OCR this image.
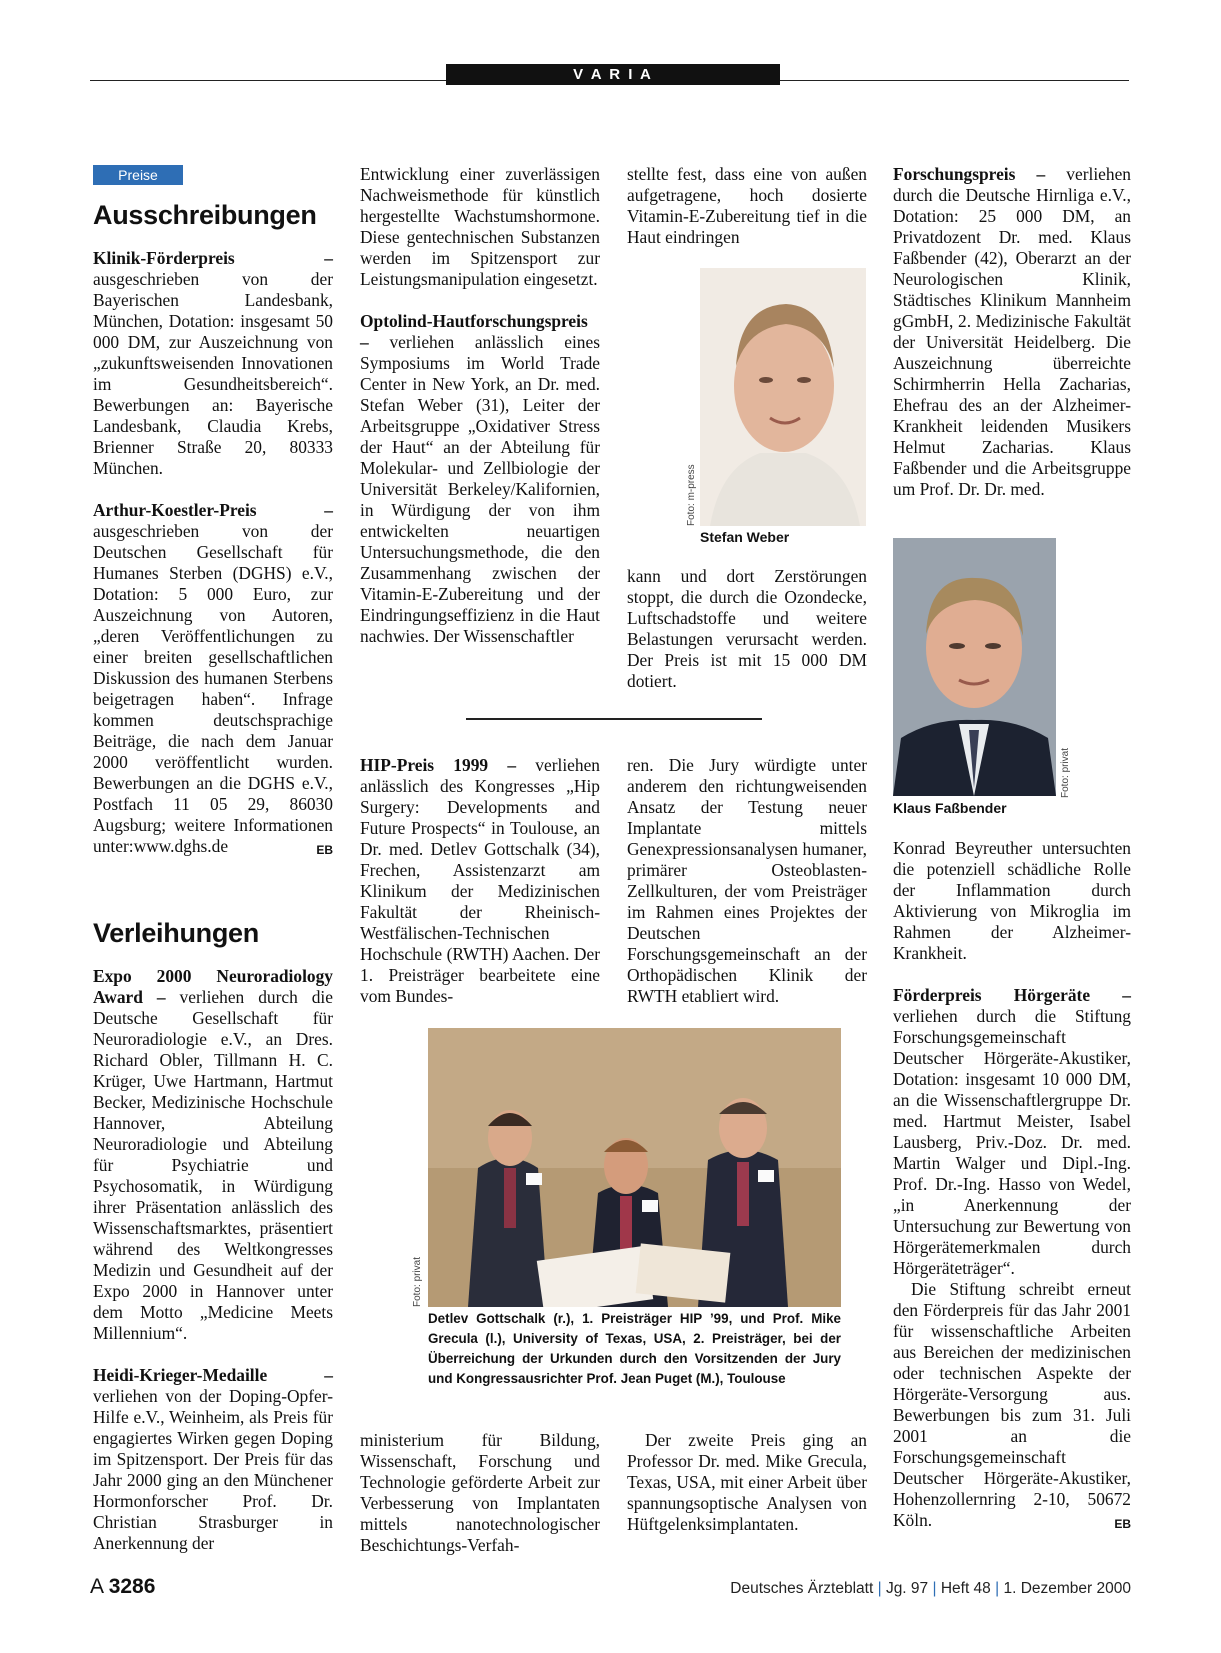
V A R I A
Preise
Ausschreibungen

Klinik-Förderpreis – ausgeschrieben von der Bayerischen Landesbank, München, Dotation: insgesamt 50 000 DM, zur Auszeichnung von „zukunftsweisenden Innovationen im Gesundheitsbereich“. Bewerbungen an: Bayerische Landesbank, Claudia Krebs, Brienner Straße 20, 80333 München.

Arthur-Koestler-Preis – ausgeschrieben von der Deutschen Gesellschaft für Humanes Sterben (DGHS) e.V., Dotation: 5 000 Euro, zur Auszeichnung von Autoren, „deren Veröffentlichungen zu einer breiten gesellschaftlichen Diskussion des humanen Sterbens beigetragen haben“. Infrage kommen deutschsprachige Beiträge, die nach dem Januar 2000 veröffentlicht wurden. Bewerbungen an die DGHS e.V., Postfach 11 05 29, 86030 Augsburg; weitere Informationen unter:www.dghs.de	EB

Verleihungen

Expo 2000 Neuroradiology Award – verliehen durch die Deutsche Gesellschaft für Neuroradiologie e.V., an Dres. Richard Obler, Tillmann H. C. Krüger, Uwe Hartmann, Hartmut Becker, Medizinische Hochschule Hannover, Abteilung Neuroradiologie und Abteilung für Psychiatrie und Psychosomatik, in Würdigung ihrer Präsentation anlässlich des Wissenschaftsmarktes, präsentiert während des Weltkongresses Medizin und Gesundheit auf der Expo 2000 in Hannover unter dem Motto „Medicine Meets Millennium“.

Heidi-Krieger-Medaille – verliehen von der Doping-Opfer-Hilfe e.V., Weinheim, als Preis für engagiertes Wirken gegen Doping im Spitzensport. Der Preis für das Jahr 2000 ging an den Münchener Hormonforscher Prof. Dr. Christian Strasburger in Anerkennung der

Entwicklung einer zuverlässigen Nachweismethode für künstlich hergestellte Wachstumshormone. Diese gentechnischen Substanzen werden im Spitzensport zur Leistungsmanipulation eingesetzt.

Optolind-Hautforschungspreis – verliehen anlässlich eines Symposiums im World Trade Center in New York, an Dr. med. Stefan Weber (31), Leiter der Arbeitsgruppe „Oxidativer Stress der Haut“ an der Abteilung für Molekular- und Zellbiologie der Universität Berkeley/Kalifornien, in Würdigung der von ihm entwickelten neuartigen Untersuchungsmethode, die den Zusammenhang zwischen der Vitamin-E-Zubereitung und der Eindringungseffizienz in die Haut nachwies. Der Wissenschaftler

stellte fest, dass eine von außen aufgetragene, hoch dosierte Vitamin-E-Zubereitung tief in die Haut eindringen

Foto: m-press
Stefan Weber

kann und dort Zerstörungen stoppt, die durch die Ozondecke, Luftschadstoffe und weitere Belastungen verursacht werden. Der Preis ist mit 15 000 DM dotiert.

HIP-Preis 1999 – verliehen anlässlich des Kongresses „Hip Surgery: Developments and Future Prospects“ in Toulouse, an Dr. med. Detlev Gottschalk (34), Frechen, Assistenzarzt am Klinikum der Medizinischen Fakultät der Rheinisch-Westfälischen-Technischen Hochschule (RWTH) Aachen. Der 1. Preisträger bearbeitete eine vom Bundes-

ren. Die Jury würdigte unter anderem den richtungweisenden Ansatz der Testung neuer Implantate mittels Genexpressionsanalysen humaner, primärer Osteoblasten-Zellkulturen, der vom Preisträger im Rahmen eines Projektes der Deutschen Forschungsgemeinschaft an der Orthopädischen Klinik der RWTH etabliert wird.

Foto: privat
Detlev Gottschalk (r.), 1. Preisträger HIP ’99, und Prof. Mike Grecula (l.), University of Texas, USA, 2. Preisträger, bei der Überreichung der Urkunden durch den Vorsitzenden der Jury und Kongressausrichter Prof. Jean Puget (M.), Toulouse

ministerium für Bildung, Wissenschaft, Forschung und Technologie geförderte Arbeit zur Verbesserung von Implantaten mittels nanotechnologischer Beschichtungs-Verfah-

Der zweite Preis ging an Professor Dr. med. Mike Grecula, Texas, USA, mit einer Arbeit über spannungsoptische Analysen von Hüftgelenksimplantaten.

Forschungspreis – verliehen durch die Deutsche Hirnliga e.V., Dotation: 25 000 DM, an Privatdozent Dr. med. Klaus Faßbender (42), Oberarzt an der Neurologischen Klinik, Städtisches Klinikum Mannheim gGmbH, 2. Medizinische Fakultät der Universität Heidelberg. Die Auszeichnung überreichte Schirmherrin Hella Zacharias, Ehefrau des an der Alzheimer-Krankheit leidenden Musikers Helmut Zacharias. Klaus Faßbender und die Arbeitsgruppe um Prof. Dr. Dr. med.

Foto: privat
Klaus Faßbender

Konrad Beyreuther untersuchten die potenziell schädliche Rolle der Inflammation durch Aktivierung von Mikroglia im Rahmen der Alzheimer-Krankheit.

Förderpreis Hörgeräte – verliehen durch die Stiftung Forschungsgemeinschaft Deutscher Hörgeräte-Akustiker, Dotation: insgesamt 10 000 DM, an die Wissenschaftlergruppe Dr. med. Hartmut Meister, Isabel Lausberg, Priv.-Doz. Dr. med. Martin Walger und Dipl.-Ing. Prof. Dr.-Ing. Hasso von Wedel, „in Anerkennung der Untersuchung zur Bewertung von Hörgerätemerkmalen durch Hörgeräteträger“.

Die Stiftung schreibt erneut den Förderpreis für das Jahr 2001 für wissenschaftliche Arbeiten aus Bereichen der medizinischen oder technischen Aspekte der Hörgeräte-Versorgung aus. Bewerbungen bis zum 31. Juli 2001 an die Forschungsgemeinschaft Deutscher Hörgeräte-Akustiker, Hohenzollernring 2-10, 50672 Köln.	EB

A 3286	Deutsches Ärzteblatt | Jg. 97 | Heft 48 | 1. Dezember 2000
